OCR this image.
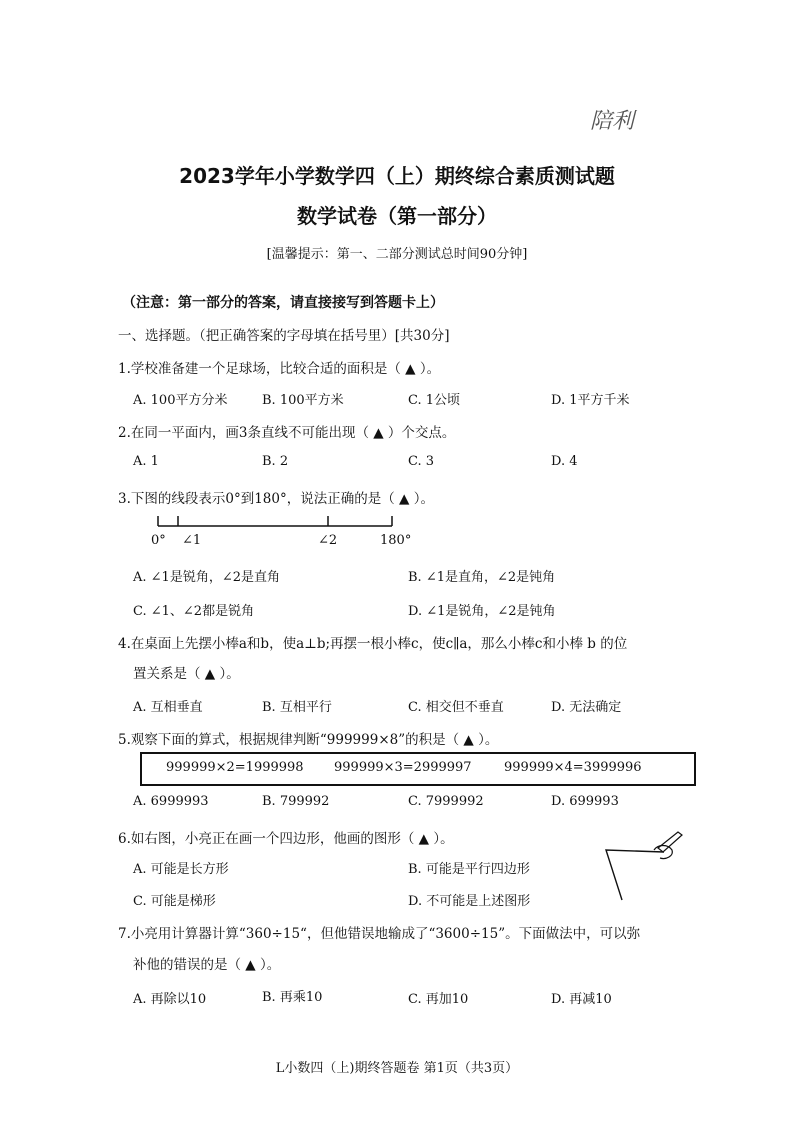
陪利
2023学年小学数学四（上）期终综合素质测试题
数学试卷（第一部分）
[温馨提示：第一、二部分测试总时间90分钟]
（注意：第一部分的答案，请直接接写到答题卡上）
一、选择题。（把正确答案的字母填在括号里）[共30分]
1.学校准备建一个足球场，比较合适的面积是（ ▲ ）。
A. 100平方分米	B. 100平方米	C. 1公顷	D. 1平方千米
2.在同一平面内，画3条直线不可能出现（ ▲ ）个交点。
A. 1	B. 2	C. 3	D. 4
3.下图的线段表示0°到180°，说法正确的是（ ▲ ）。
0° ∠1	∠2	180°
A. ∠1是锐角，∠2是直角	B. ∠1是直角，∠2是钝角
C. ∠1、∠2都是锐角	D. ∠1是锐角，∠2是钝角
4.在桌面上先摆小棒a和b，使a⊥b;再摆一根小棒c，使c∥a，那么小棒c和小棒 b 的位
置关系是（ ▲ ）。
A. 互相垂直	B. 互相平行	C. 相交但不垂直	D. 无法确定
5.观察下面的算式，根据规律判断“999999×8”的积是（ ▲ ）。
999999×2=1999998 999999×3=2999997 999999×4=3999996
A. 6999993	B. 799992	C. 7999992	D. 699993
6.如右图，小亮正在画一个四边形，他画的图形（ ▲ ）。
A. 可能是长方形	B. 可能是平行四边形
C. 可能是梯形	D. 不可能是上述图形
7.小亮用计算器计算“360÷15“，但他错误地输成了“3600÷15”。下面做法中，可以弥
补他的错误的是（ ▲ ）。
A. 再除以10	B. 再乘10	C. 再加10	D. 再减10
L小数四（上)期终答题卷 第1页（共3页）
